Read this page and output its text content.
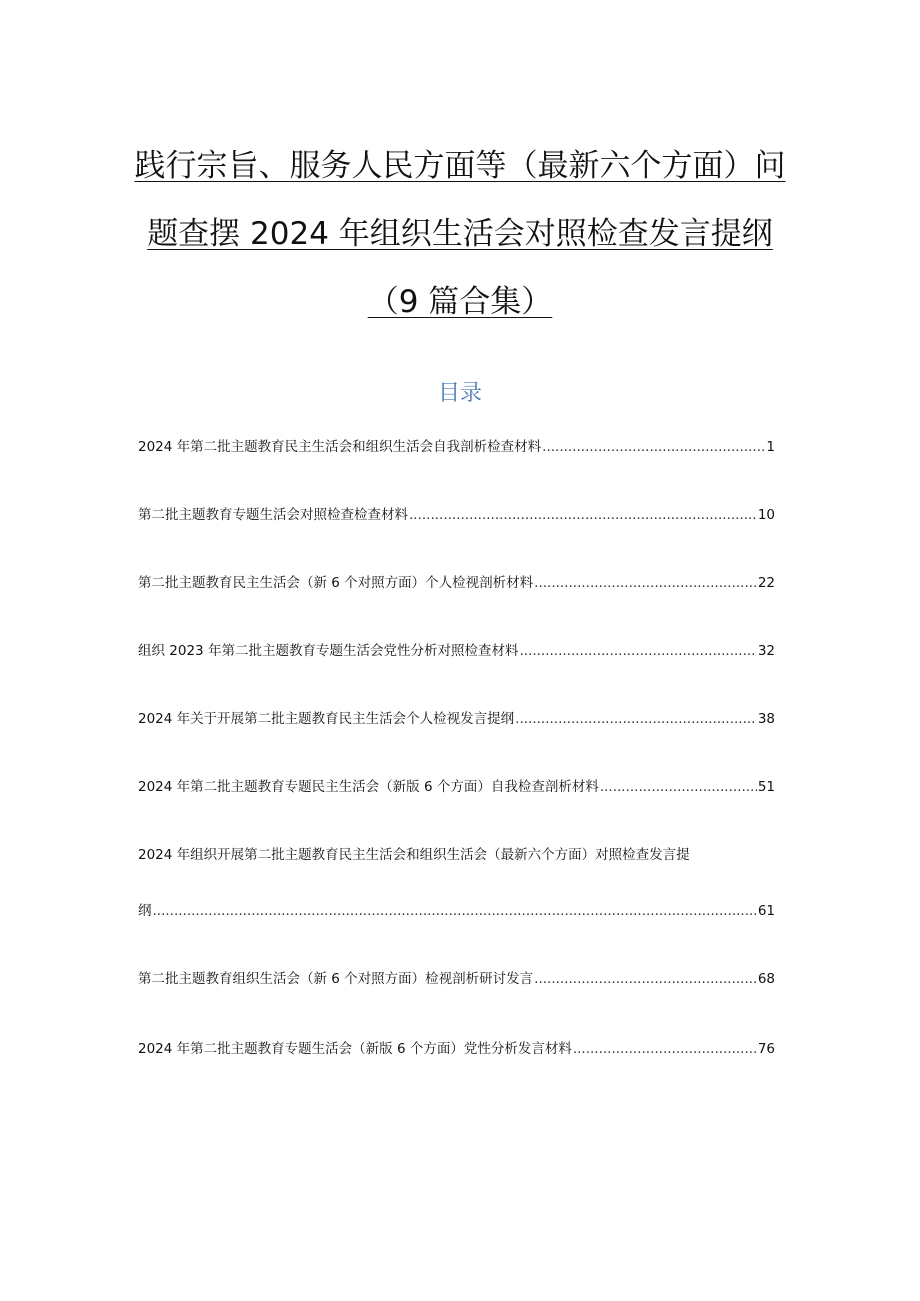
践行宗旨、服务人民方面等（最新六个方面）问
题查摆 2024 年组织生活会对照检查发言提纲
（9 篇合集）
目录
2024 年第二批主题教育民主生活会和组织生活会自我剖析检查材料 .....	1
第二批主题教育专题生活会对照检查检查材料 .....	10
第二批主题教育民主生活会（新 6 个对照方面）个人检视剖析材料 .....	22
组织 2023 年第二批主题教育专题生活会党性分析对照检查材料 .....	32
2024 年关于开展第二批主题教育民主生活会个人检视发言提纲 .....	38
2024 年第二批主题教育专题民主生活会（新版 6 个方面）自我检查剖析材料 .....	51
2024 年组织开展第二批主题教育民主生活会和组织生活会（最新六个方面）对照检查发言提
纲 .....	61
第二批主题教育组织生活会（新 6 个对照方面）检视剖析研讨发言 .....	68
2024 年第二批主题教育专题生活会（新版 6 个方面）党性分析发言材料 .....	76
